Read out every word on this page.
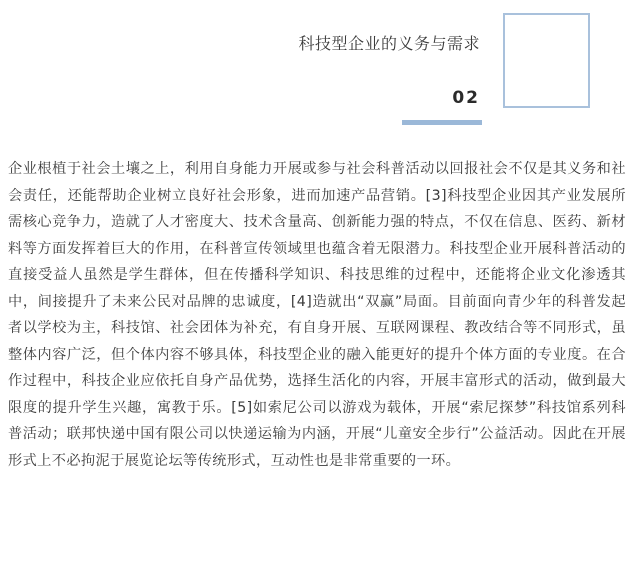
科技型企业的义务与需求
02

企业根植于社会土壤之上，利用自身能力开展或参与社会科普活动以回报社会不仅是其义务和社会责任，还能帮助企业树立良好社会形象，进而加速产品营销。[3]科技型企业因其产业发展所需核心竞争力，造就了人才密度大、技术含量高、创新能力强的特点，不仅在信息、医药、新材料等方面发挥着巨大的作用，在科普宣传领域里也蕴含着无限潜力。科技型企业开展科普活动的直接受益人虽然是学生群体，但在传播科学知识、科技思维的过程中，还能将企业文化渗透其中，间接提升了未来公民对品牌的忠诚度，[4]造就出“双赢”局面。目前面向青少年的科普发起者以学校为主，科技馆、社会团体为补充，有自身开展、互联网课程、教改结合等不同形式，虽整体内容广泛，但个体内容不够具体，科技型企业的融入能更好的提升个体方面的专业度。在合作过程中，科技企业应依托自身产品优势，选择生活化的内容，开展丰富形式的活动，做到最大限度的提升学生兴趣，寓教于乐。[5]如索尼公司以游戏为载体，开展“索尼探梦”科技馆系列科普活动；联邦快递中国有限公司以快递运输为内涵，开展“儿童安全步行”公益活动。因此在开展形式上不必拘泥于展览论坛等传统形式，互动性也是非常重要的一环。
